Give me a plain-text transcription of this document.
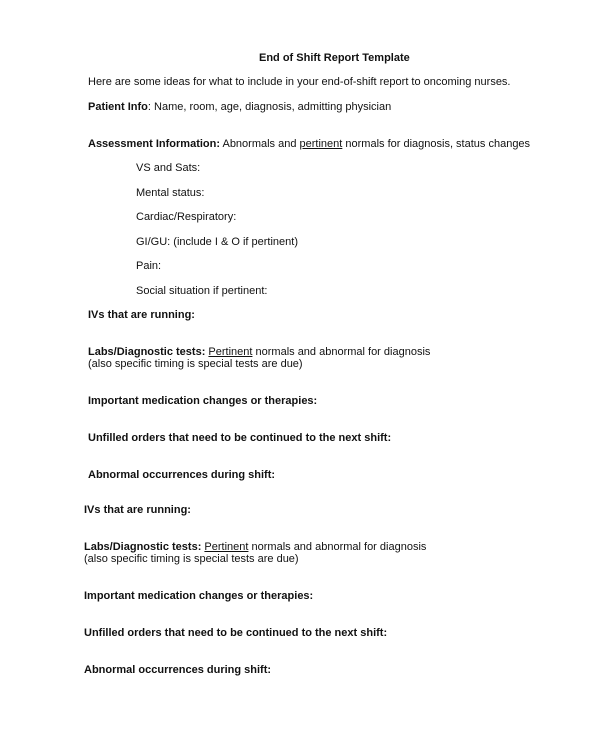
End of Shift Report Template
Here are some ideas for what to include in your end-of-shift report to oncoming nurses.
Patient Info: Name, room, age, diagnosis, admitting physician
Assessment Information: Abnormals and pertinent normals for diagnosis, status changes
VS and Sats:
Mental status:
Cardiac/Respiratory:
GI/GU: (include I & O if pertinent)
Pain:
Social situation if pertinent:
IVs that are running:
Labs/Diagnostic tests: Pertinent normals and abnormal for diagnosis
(also specific timing is special tests are due)
Important medication changes or therapies:
Unfilled orders that need to be continued to the next shift:
Abnormal occurrences during shift:
IVs that are running:
Labs/Diagnostic tests: Pertinent normals and abnormal for diagnosis
(also specific timing is special tests are due)
Important medication changes or therapies:
Unfilled orders that need to be continued to the next shift:
Abnormal occurrences during shift:
